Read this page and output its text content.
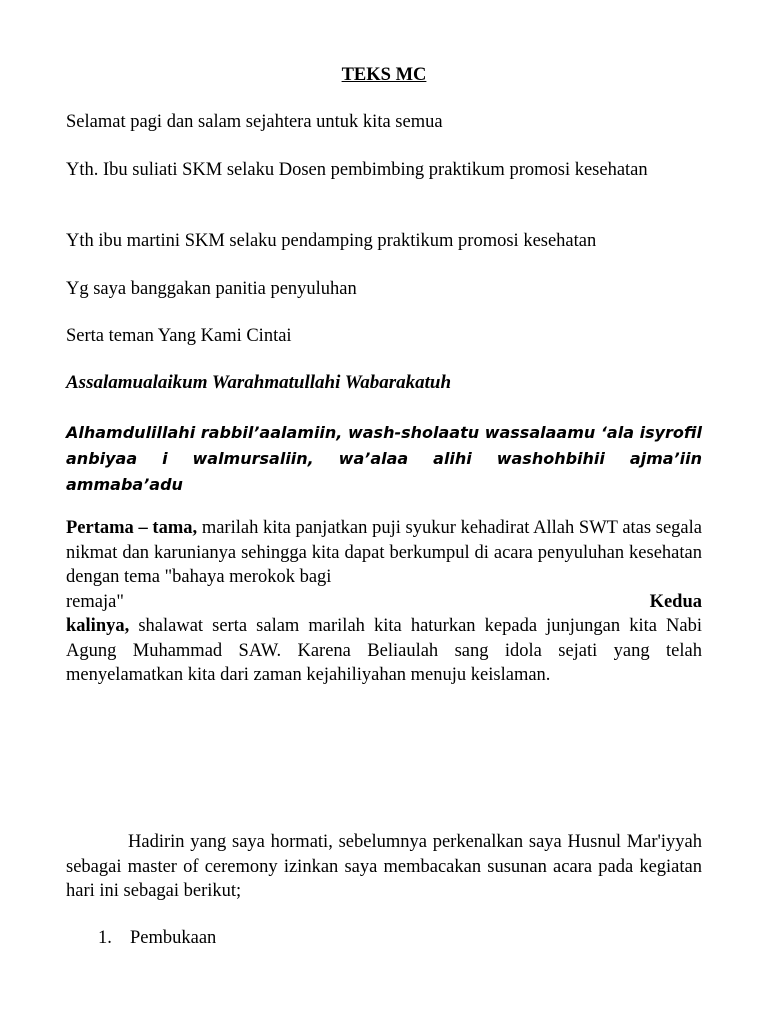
TEKS MC

Selamat pagi dan salam sejahtera untuk kita semua

Yth. Ibu suliati SKM selaku Dosen pembimbing praktikum promosi kesehatan

Yth ibu martini SKM selaku pendamping praktikum promosi kesehatan

Yg saya banggakan panitia penyuluhan

Serta teman Yang Kami Cintai

Assalamualaikum Warahmatullahi Wabarakatuh

Alhamdulillahi rabbil’aalamiin, wash-sholaatu wassalaamu ‘ala isyrofil anbiyaa i walmursaliin, wa’alaa alihi washohbihii ajma’iin ammaba’adu

Pertama – tama, marilah kita panjatkan puji syukur kehadirat Allah SWT atas segala nikmat dan karunianya sehingga kita dapat berkumpul di acara penyuluhan kesehatan dengan tema "bahaya merokok bagi
remaja"	Kedua
kalinya, shalawat serta salam marilah kita haturkan kepada junjungan kita Nabi Agung Muhammad SAW. Karena Beliaulah sang idola sejati yang telah menyelamatkan kita dari zaman kejahiliyahan menuju keislaman.

Hadirin yang saya hormati, sebelumnya perkenalkan saya Husnul Mar'iyyah sebagai master of ceremony izinkan saya membacakan susunan acara pada kegiatan hari ini sebagai berikut;

1. Pembukaan
